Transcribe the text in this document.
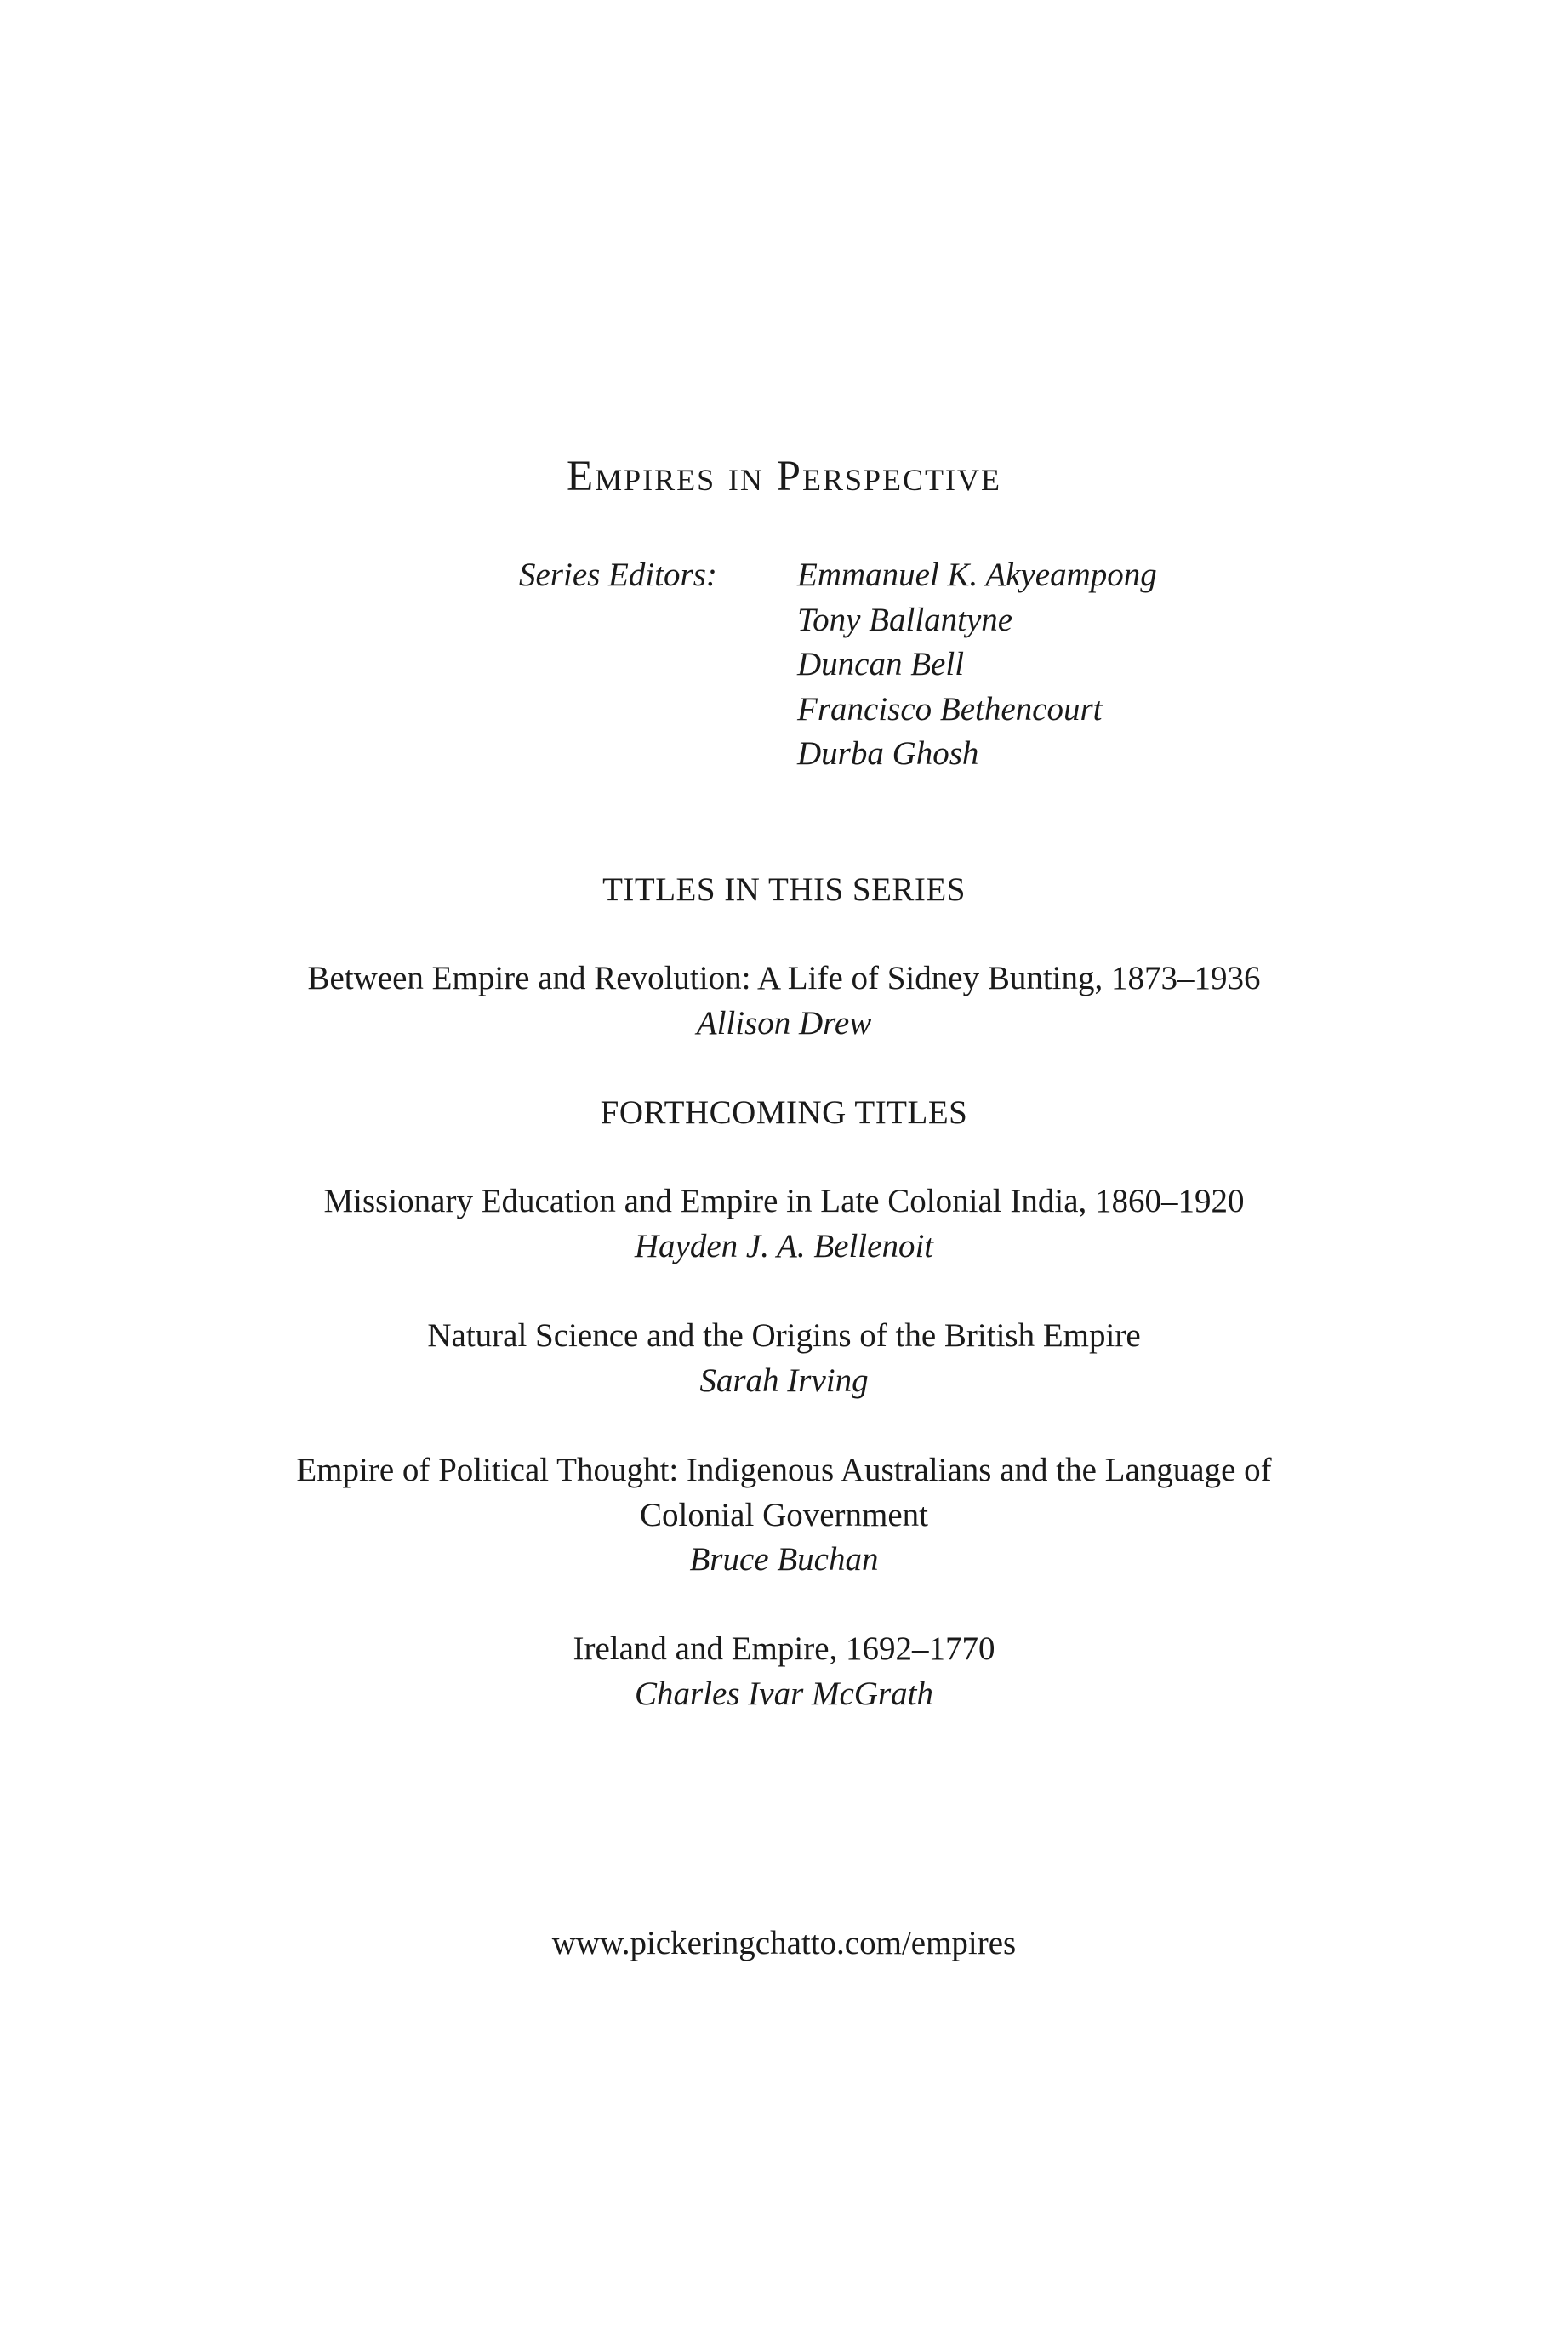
Empires in Perspective
Series Editors: Emmanuel K. Akyeampong
Tony Ballantyne
Duncan Bell
Francisco Bethencourt
Durba Ghosh
TITLES IN THIS SERIES
Between Empire and Revolution: A Life of Sidney Bunting, 1873–1936
Allison Drew
FORTHCOMING TITLES
Missionary Education and Empire in Late Colonial India, 1860–1920
Hayden J. A. Bellenoit
Natural Science and the Origins of the British Empire
Sarah Irving
Empire of Political Thought: Indigenous Australians and the Language of
Colonial Government
Bruce Buchan
Ireland and Empire, 1692–1770
Charles Ivar McGrath
www.pickeringchatto.com/empires
